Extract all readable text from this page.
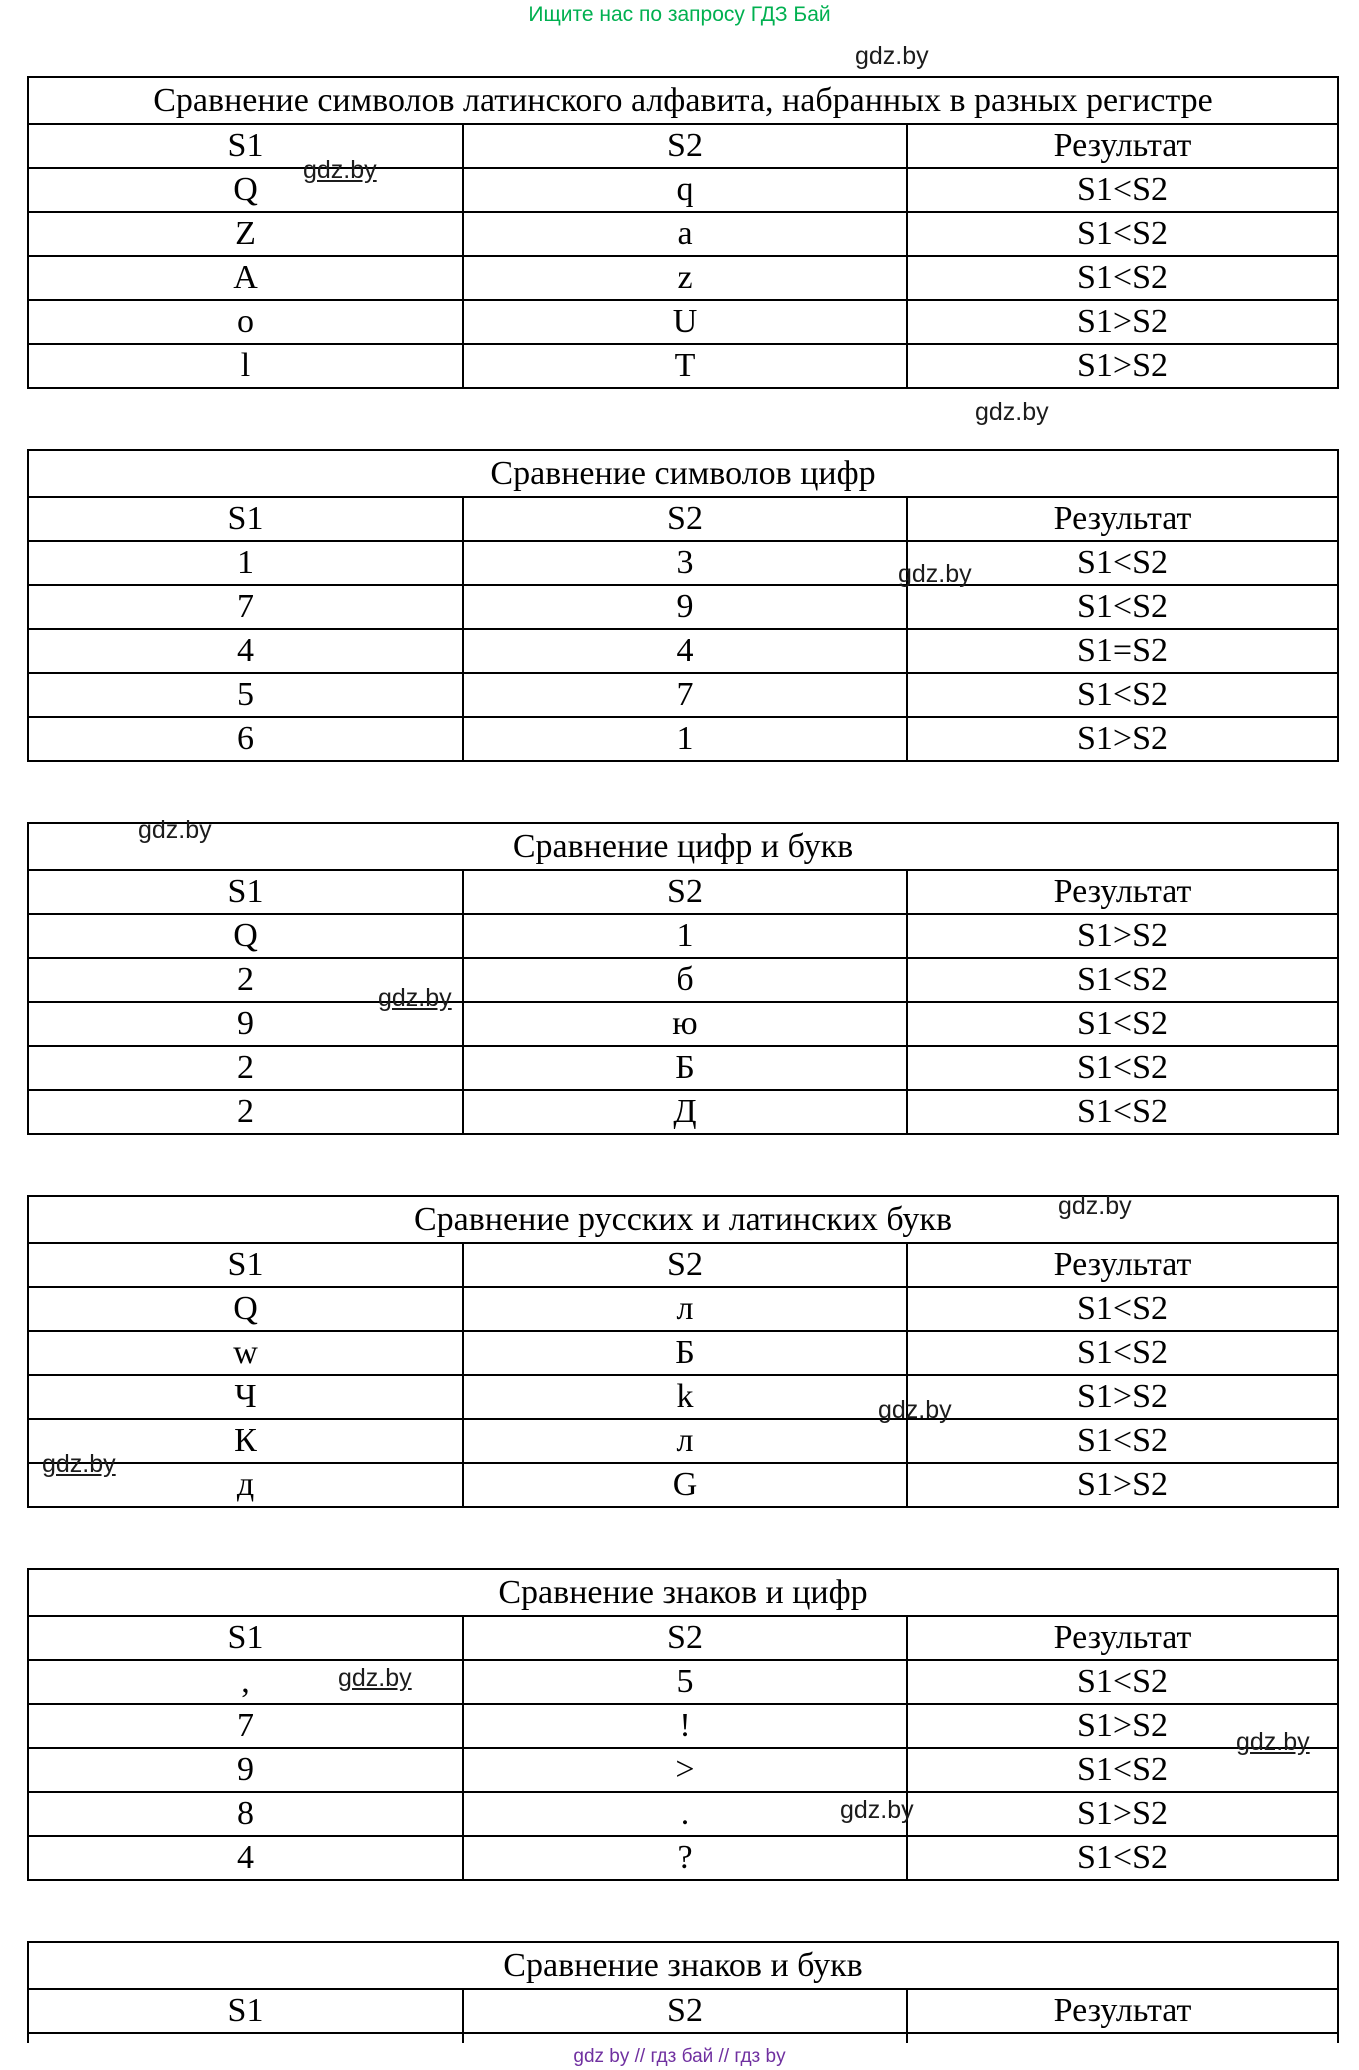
Ищите нас по запросу ГДЗ Бай
gdz.by
gdz.by
gdz.by
gdz.by
gdz.by
gdz.by
gdz.by
gdz.by
gdz.by
gdz.by
gdz.by
gdz.by
Сравнение символов латинского алфавита, набранных в разных регистре		
S1	S2	Результат
Q	q	S1<S2
Z	a	S1<S2
A	z	S1<S2
o	U	S1>S2
l	T	S1>S2
Сравнение символов цифр		
S1	S2	Результат
1	3	S1<S2
7	9	S1<S2
4	4	S1=S2
5	7	S1<S2
6	1	S1>S2
Сравнение цифр и букв		
S1	S2	Результат
Q	1	S1>S2
2	б	S1<S2
9	ю	S1<S2
2	Б	S1<S2
2	Д	S1<S2
Сравнение русских и латинских букв		
S1	S2	Результат
Q	л	S1<S2
w	Б	S1<S2
Ч	k	S1>S2
К	л	S1<S2
д	G	S1>S2
Сравнение знаков и цифр		
S1	S2	Результат
,	5	S1<S2
7	!	S1>S2
9	>	S1<S2
8	.	S1>S2
4	?	S1<S2
Сравнение знаков и букв		
S1	S2	Результат

gdz by // гдз бай // гдз by
